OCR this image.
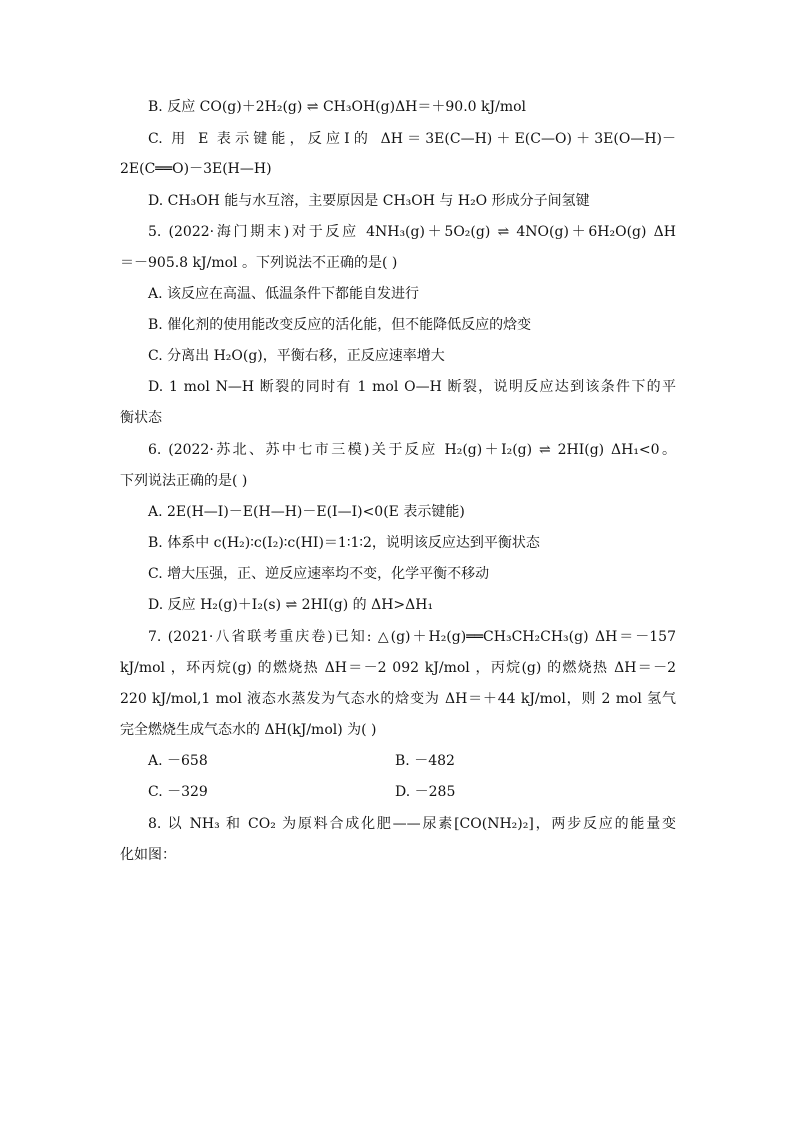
B. 反应 CO(g)＋2H₂(g) ⇌ CH₃OH(g)ΔH＝＋90.0 kJ/mol
C. 用 E 表示键能，反应Ⅰ的 ΔH＝3E(C—H)＋E(C—O)＋3E(O—H)－
2E(C══O)－3E(H—H)
D. CH₃OH 能与水互溶，主要原因是 CH₃OH 与 H₂O 形成分子间氢键
5. (2022·海门期末)对于反应 4NH₃(g)＋5O₂(g) ⇌ 4NO(g)＋6H₂O(g) ΔH
＝－905.8 kJ/mol 。下列说法不正确的是( )
A. 该反应在高温、低温条件下都能自发进行
B. 催化剂的使用能改变反应的活化能，但不能降低反应的焓变
C. 分离出 H₂O(g)，平衡右移，正反应速率增大
D. 1 mol N—H 断裂的同时有 1 mol O—H 断裂，说明反应达到该条件下的平
衡状态
6. (2022·苏北、苏中七市三模)关于反应 H₂(g)＋I₂(g) ⇌ 2HI(g) ΔH₁<0。
下列说法正确的是( )
A. 2E(H—I)－E(H—H)－E(I—I)<0(E 表示键能)
B. 体系中 c(H₂)∶c(I₂)∶c(HI)＝1∶1∶2，说明该反应达到平衡状态
C. 增大压强，正、逆反应速率均不变，化学平衡不移动
D. 反应 H₂(g)＋I₂(s) ⇌ 2HI(g) 的 ΔH>ΔH₁
7. (2021·八省联考重庆卷)已知: △(g)＋H₂(g)══CH₃CH₂CH₃(g) ΔH＝－157
kJ/mol ，环丙烷(g) 的燃烧热 ΔH＝－2 092 kJ/mol ，丙烷(g) 的燃烧热 ΔH＝－2
220 kJ/mol,1 mol 液态水蒸发为气态水的焓变为 ΔH＝＋44 kJ/mol，则 2 mol 氢气
完全燃烧生成气态水的 ΔH(kJ/mol) 为( )
A. －658	B. －482
C. －329	D. －285
8. 以 NH₃ 和 CO₂ 为原料合成化肥——尿素[CO(NH₂)₂]，两步反应的能量变
化如图：
